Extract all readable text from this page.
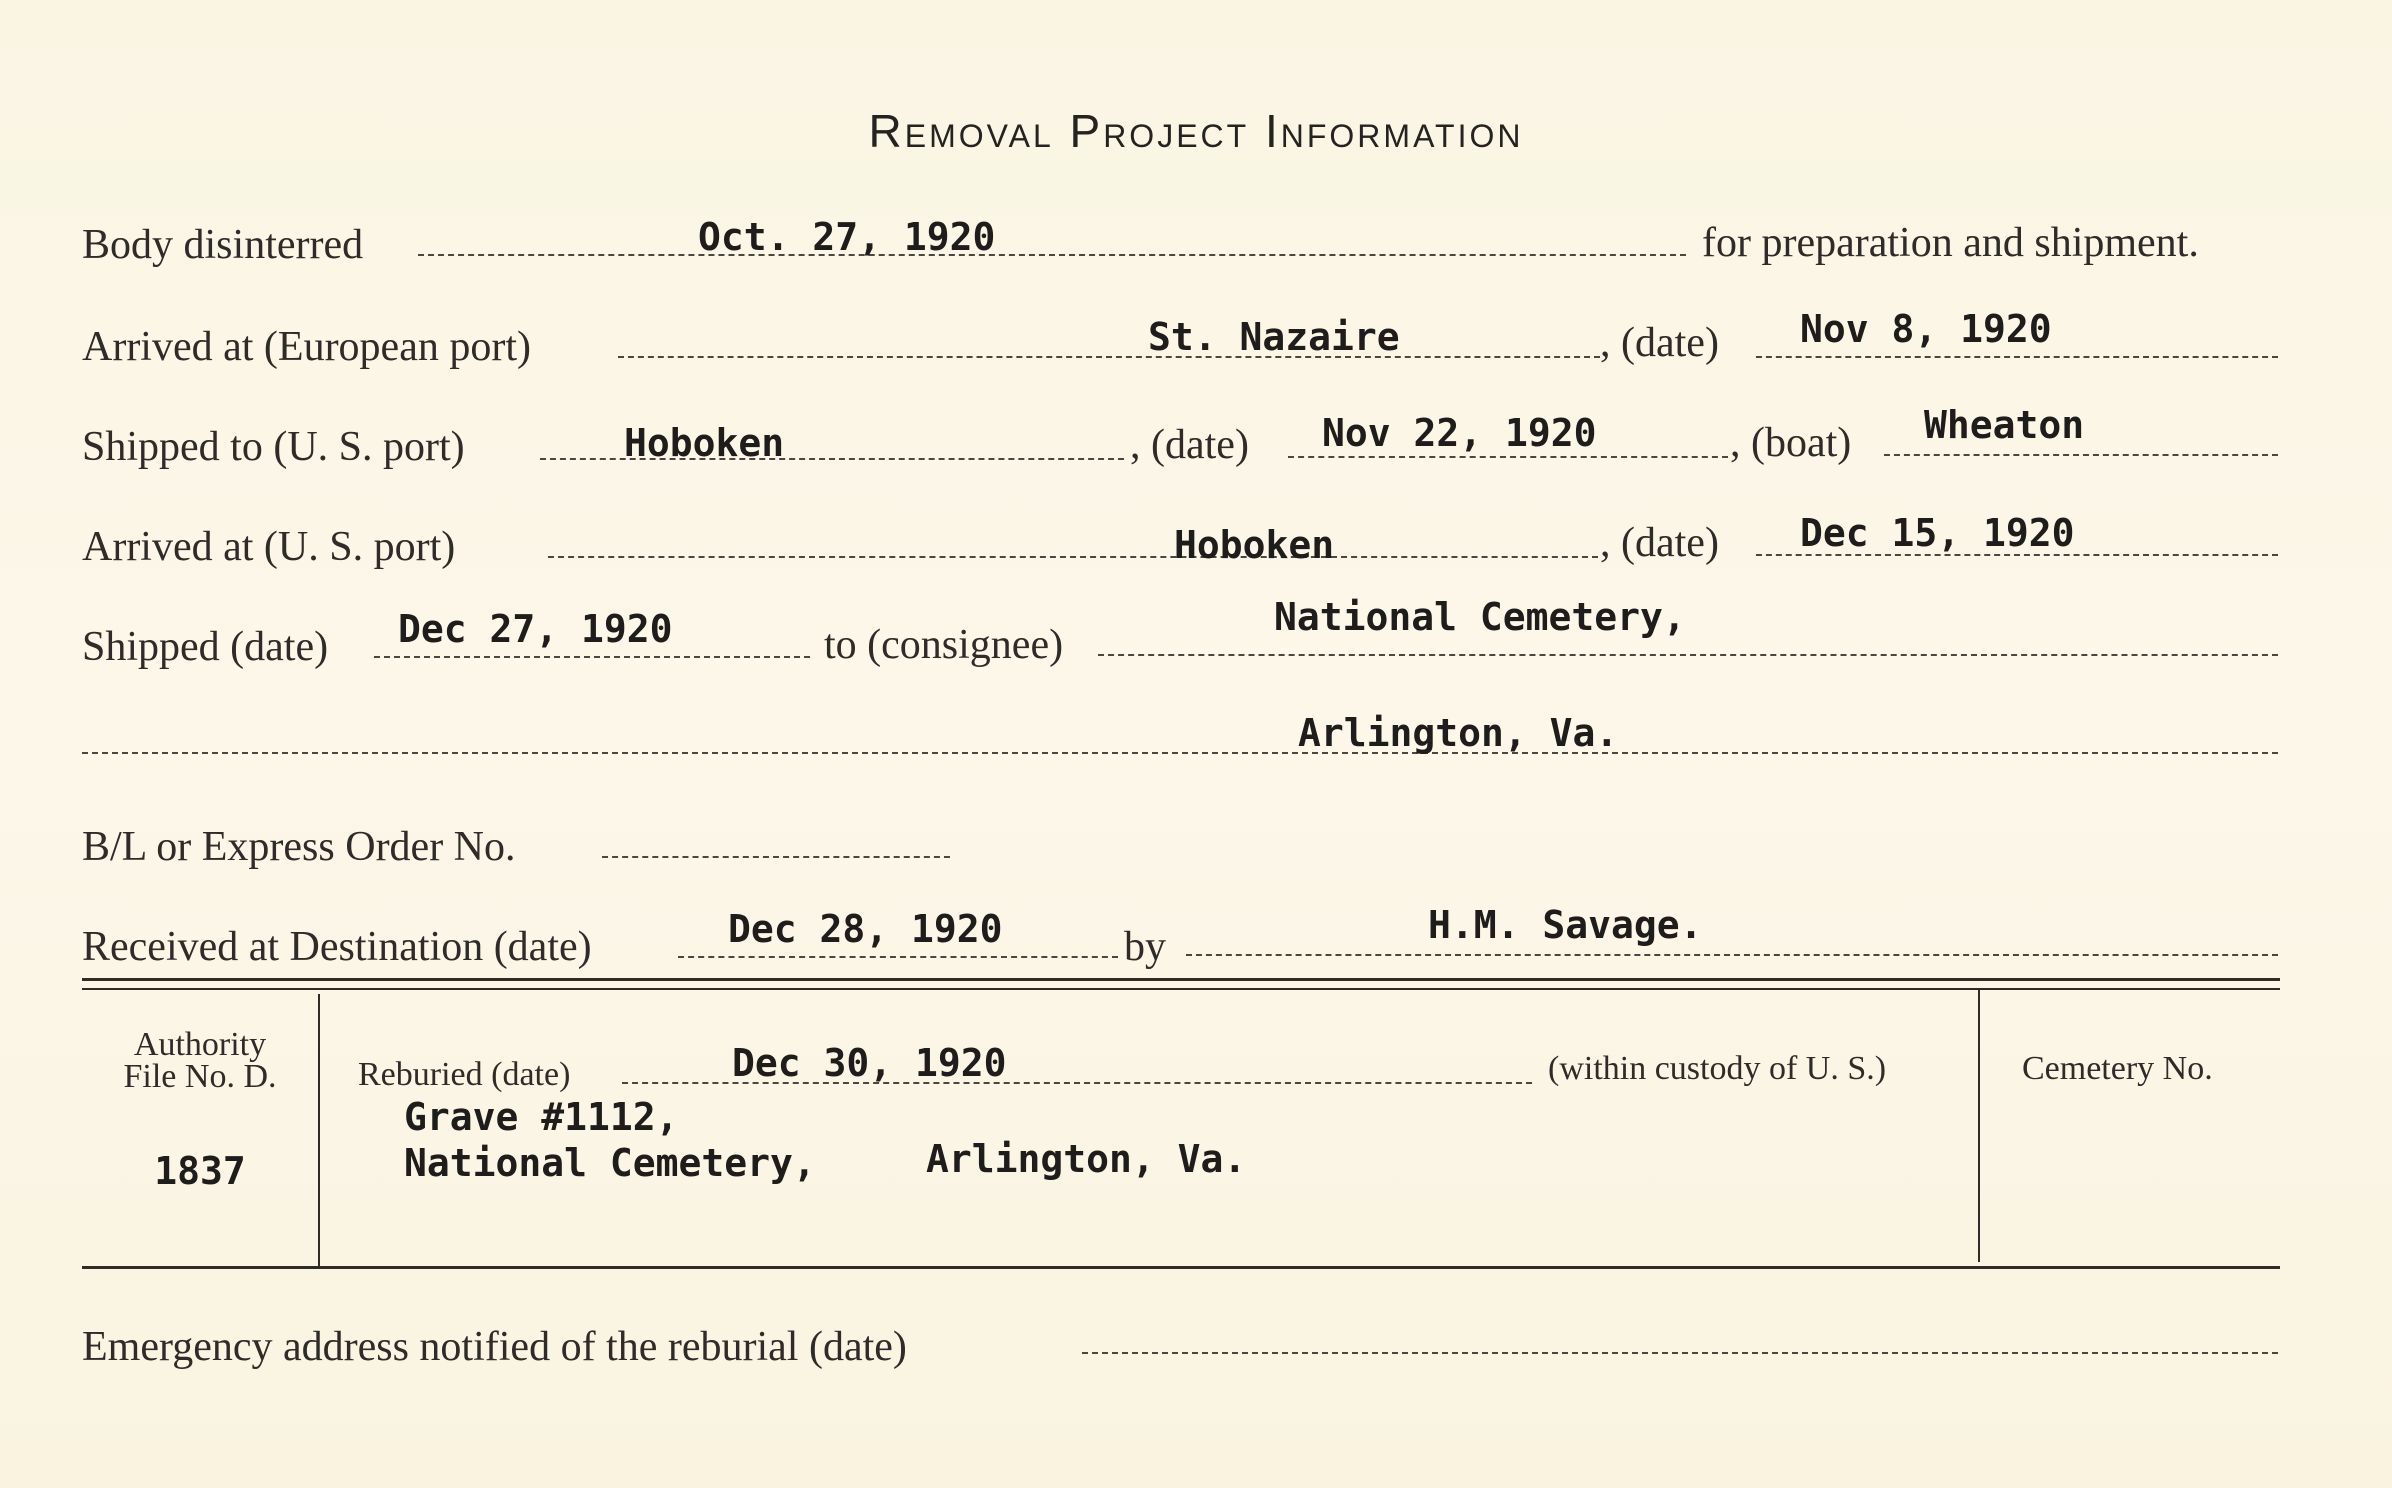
Removal Project Information
Body disinterred	Oct. 27, 1920	for preparation and shipment.
Arrived at (European port)	St. Nazaire	, (date) Nov 8, 1920
Shipped to (U. S. port)	Hoboken	, (date) Nov 22, 1920	, (boat) Wheaton
Arrived at (U. S. port)	Hoboken	, (date) Dec 15, 1920
Shipped (date) Dec 27, 1920	to (consignee)
National Cemetery,
Arlington, Va.
B/L or Express Order No.
Received at Destination (date)	Dec 28, 1920	by	H.M. Savage.
Authority
File No. D.
1837
Reburied (date)	Dec 30, 1920	(within custody of U. S.)
Grave #1112,
National Cemetery,	Arlington, Va.
Cemetery No.
Emergency address notified of the reburial (date)
